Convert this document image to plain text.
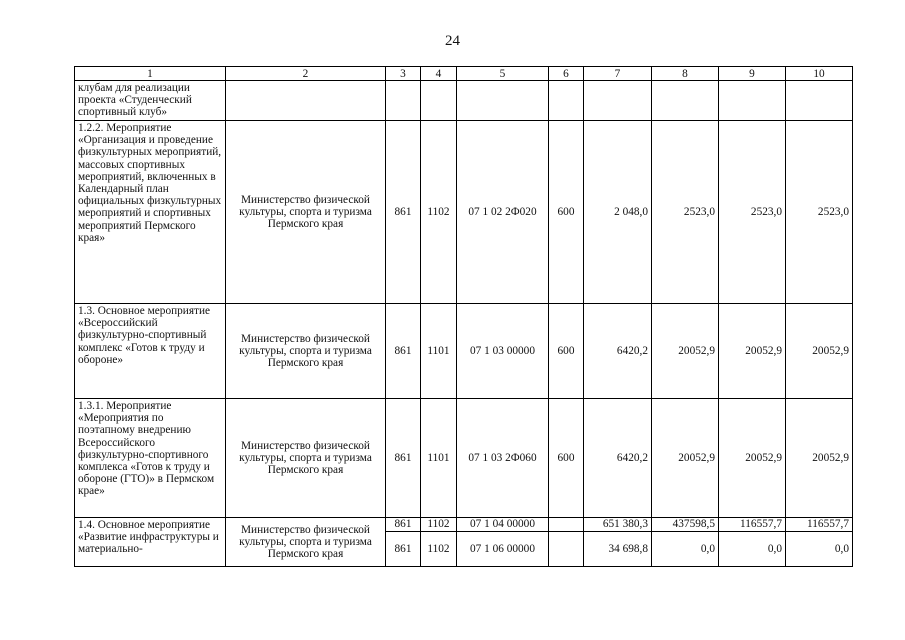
24
1	2	3	4	5	6	7	8	9	10
клубам для реализации проекта «Студенческий спортивный клуб»									
1.2.2. Мероприятие «Организация и проведение физкультурных мероприятий, массовых спортивных мероприятий, включенных в Календарный план официальных физкультурных мероприятий и спортивных мероприятий Пермского края»	Министерство физической культуры, спорта и туризма Пермского края	861	1102	07 1 02 2Ф020	600	2 048,0	2523,0	2523,0	2523,0
1.3. Основное мероприятие «Всероссийский физкультурно-спортивный комплекс «Готов к труду и обороне»	Министерство физической культуры, спорта и туризма Пермского края	861	1101	07 1 03 00000	600	6420,2	20052,9	20052,9	20052,9
1.3.1. Мероприятие «Мероприятия по поэтапному внедрению Всероссийского физкультурно-спортивного комплекса «Готов к труду и обороне (ГТО)» в Пермском крае»	Министерство физической культуры, спорта и туризма Пермского края	861	1101	07 1 03 2Ф060	600	6420,2	20052,9	20052,9	20052,9
1.4. Основное мероприятие «Развитие инфраструктуры и материально-	Министерство физической культуры, спорта и туризма Пермского края	861	1102	07 1 04 00000		651 380,3	437598,5	116557,7	116557,7
		861	1102	07 1 06 00000		34 698,8	0,0	0,0	0,0
